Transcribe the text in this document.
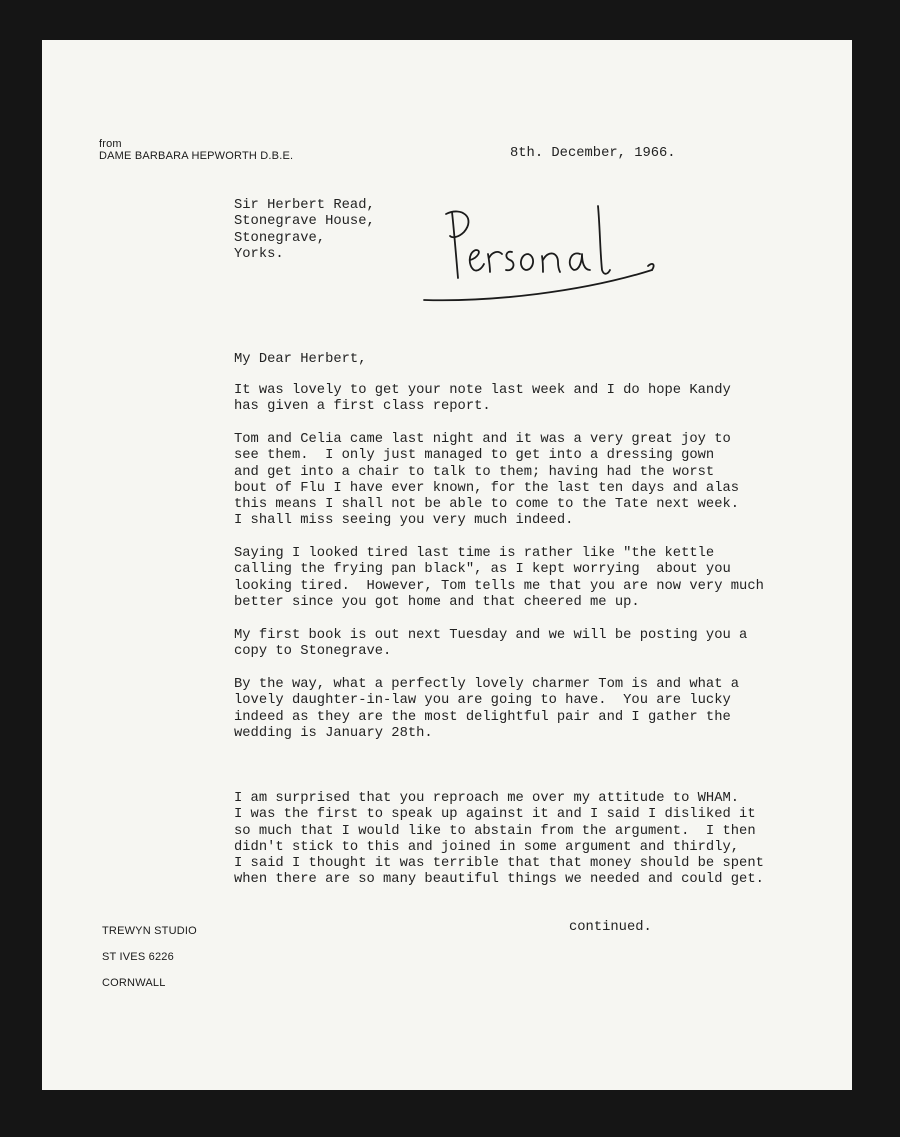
from
DAME BARBARA HEPWORTH D.B.E.	8th. December, 1966.
Sir Herbert Read,
Stonegrave House,
Stonegrave,
Yorks.
My Dear Herbert,
It was lovely to get your note last week and I do hope Kandy
has given a first class report.
Tom and Celia came last night and it was a very great joy to
see them.  I only just managed to get into a dressing gown
and get into a chair to talk to them; having had the worst
bout of Flu I have ever known, for the last ten days and alas
this means I shall not be able to come to the Tate next week.
I shall miss seeing you very much indeed.
Saying I looked tired last time is rather like "the kettle
calling the frying pan black", as I kept worrying  about you
looking tired.  However, Tom tells me that you are now very much
better since you got home and that cheered me up.
My first book is out next Tuesday and we will be posting you a
copy to Stonegrave.
By the way, what a perfectly lovely charmer Tom is and what a
lovely daughter-in-law you are going to have.  You are lucky
indeed as they are the most delightful pair and I gather the
wedding is January 28th.
I am surprised that you reproach me over my attitude to WHAM.
I was the first to speak up against it and I said I disliked it
so much that I would like to abstain from the argument.  I then
didn't stick to this and joined in some argument and thirdly,
I said I thought it was terrible that that money should be spent
when there are so many beautiful things we needed and could get.
TREWYN STUDIO
ST IVES 6226
CORNWALL
continued.
